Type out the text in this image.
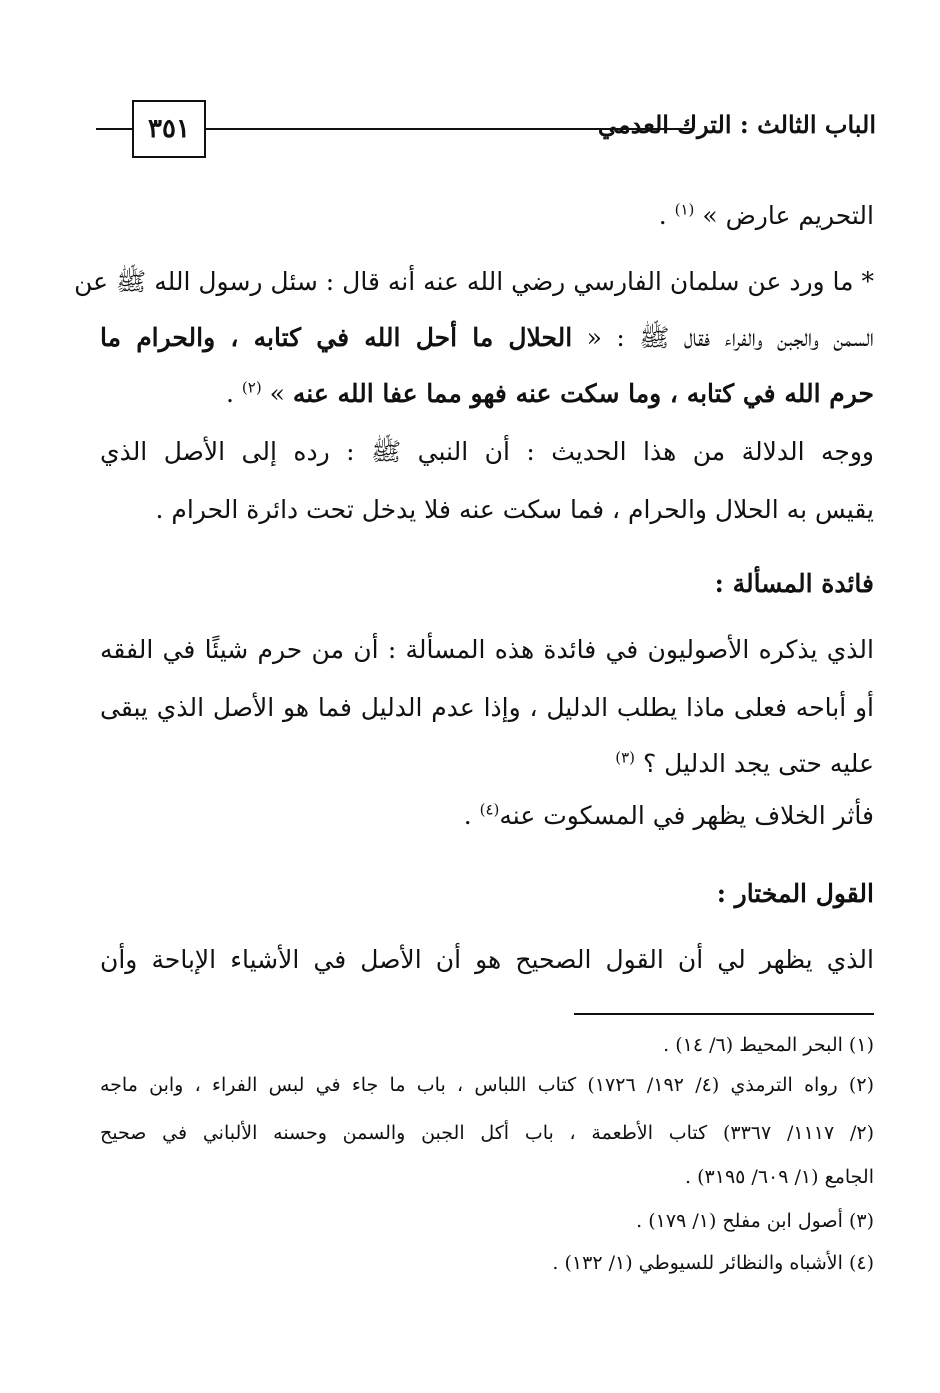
٣٥١	الباب الثالث : الترك العدمي
التحريم عارض » $^{(١)}$ .
* ما ورد عن سلمان الفارسي رضي الله عنه أنه قال : سئل رسول الله ﷺ عن
السمن والجبن والفراء فقال ﷺ : « الحلال ما أحل الله في كتابه ، والحرام ما
حرم الله في كتابه ، وما سكت عنه فهو مما عفا الله عنه » $^{(٢)}$ .
ووجه الدلالة من هذا الحديث : أن النبي ﷺ : رده إلى الأصل الذي
يقيس به الحلال والحرام ، فما سكت عنه فلا يدخل تحت دائرة الحرام .
فائدة المسألة :
الذي يذكره الأصوليون في فائدة هذه المسألة : أن من حرم شيئًا في الفقه
أو أباحه فعلى ماذا يطلب الدليل ، وإذا عدم الدليل فما هو الأصل الذي يبقى
عليه حتى يجد الدليل ؟ $^{(٣)}$
فأثر الخلاف يظهر في المسكوت عنه$^{(٤)}$ .
القول المختار :
الذي يظهر لي أن القول الصحيح هو أن الأصل في الأشياء الإباحة وأن
(١) البحر المحيط (٦/ ١٤) .
(٢) رواه الترمذي (٤/ ١٩٢/ ١٧٢٦) كتاب اللباس ، باب ما جاء في لبس الفراء ، وابن ماجه
(٢/ ١١١٧/ ٣٣٦٧) كتاب الأطعمة ، باب أكل الجبن والسمن وحسنه الألباني في صحيح
الجامع (١/ ٦٠٩/ ٣١٩٥) .
(٣) أصول ابن مفلح (١/ ١٧٩) .
(٤) الأشباه والنظائر للسيوطي (١/ ١٣٢) .
